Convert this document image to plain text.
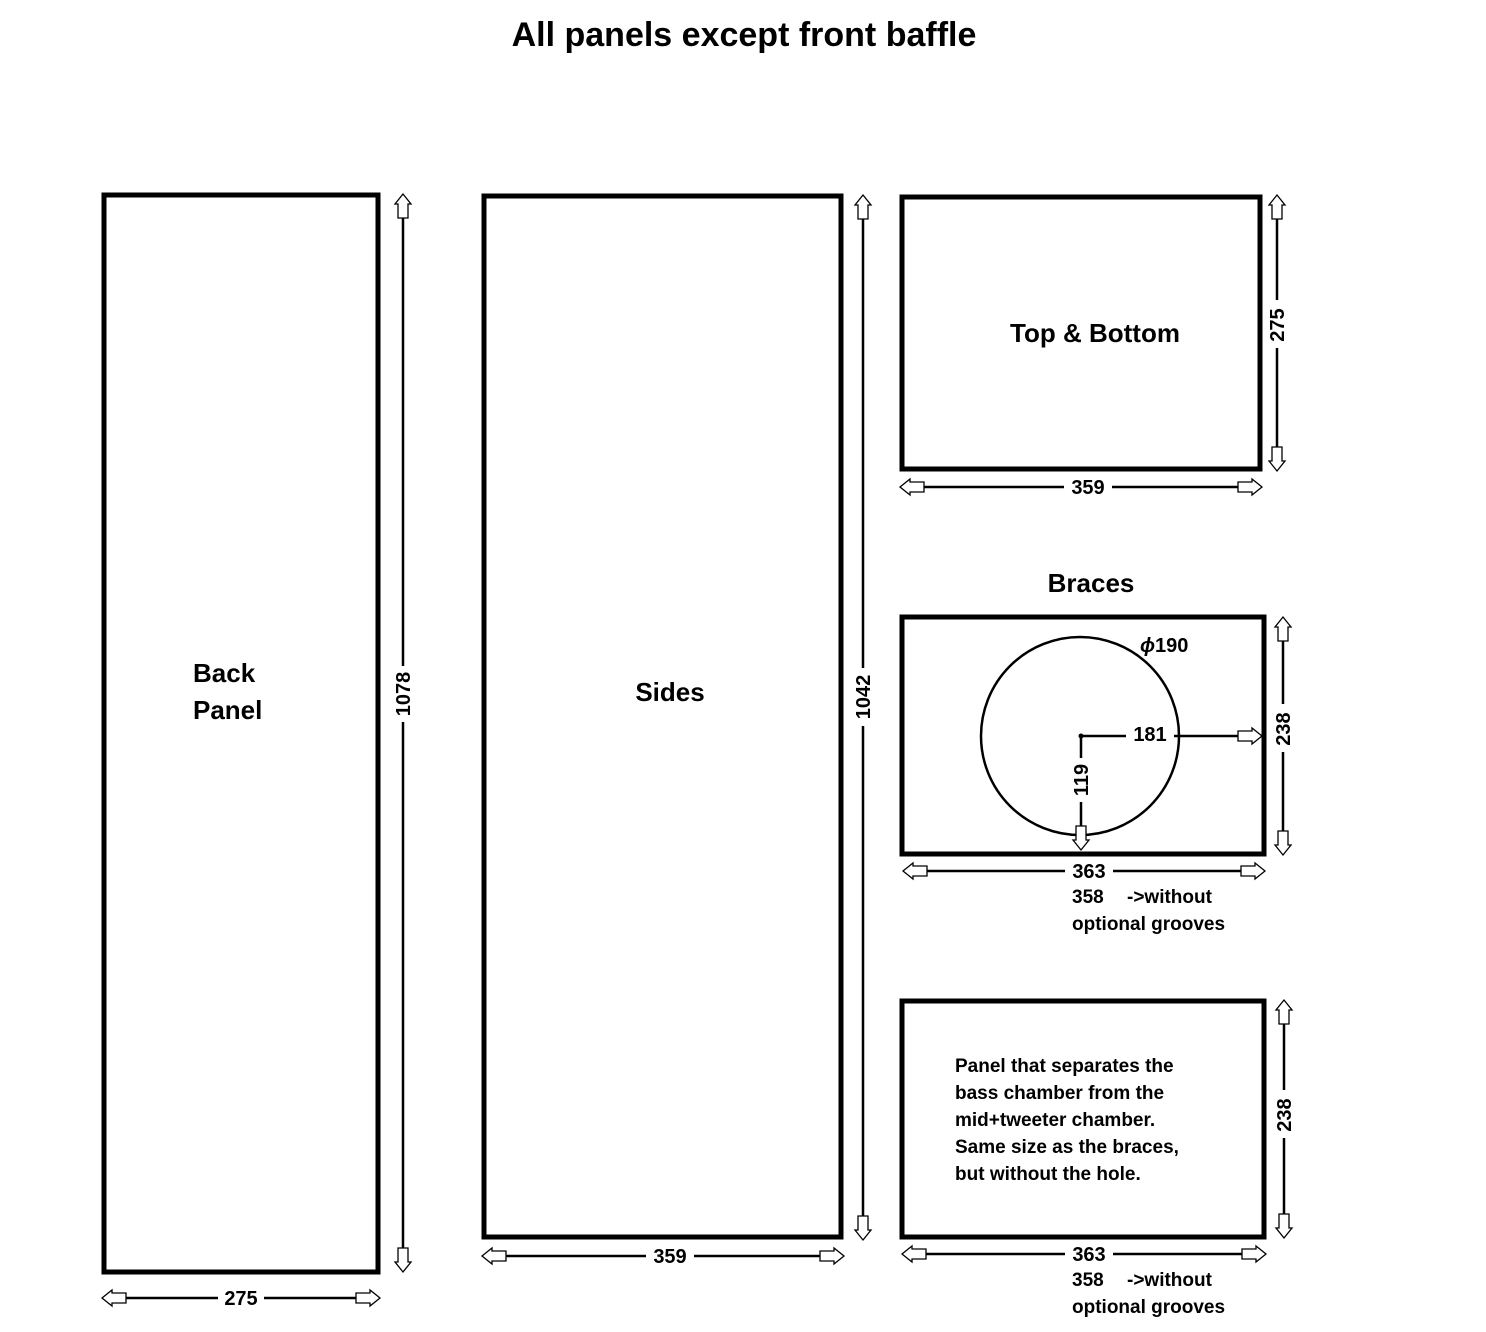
All panels except front baffle
Back
Panel	1078
275
Sides	1042
359
Top & Bottom	275
359
Braces
ϕ 190
181
119
238
363
358 ->without
optional grooves
Panel that separates the
bass chamber from the
mid+tweeter chamber.
Same size as the braces,
but without the hole.
238
363
358 ->without
optional grooves
